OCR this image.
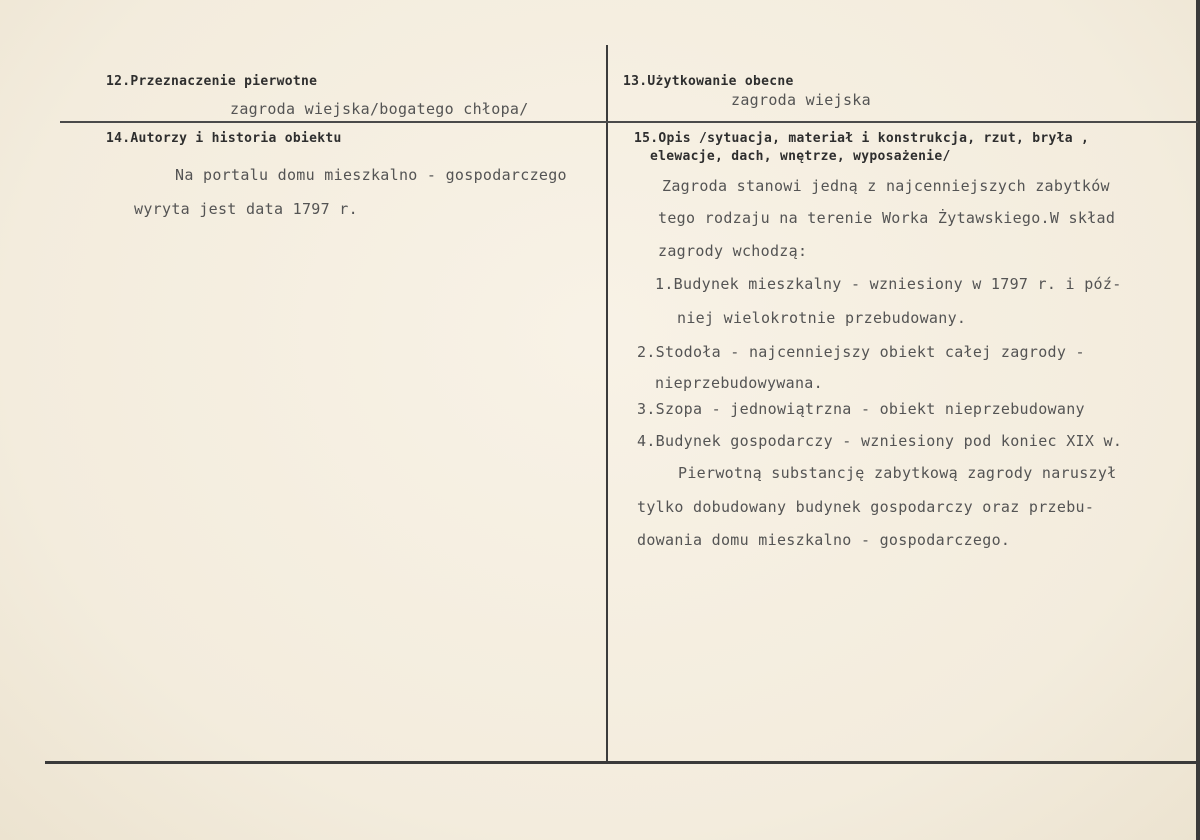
12.Przeznaczenie pierwotne
zagroda wiejska/bogatego chłopa/
13.Użytkowanie obecne
zagroda wiejska
14.Autorzy i historia obiektu
Na portalu domu mieszkalno - gospodarczego
wyryta jest data 1797 r.
15.Opis /sytuacja, materiał i konstrukcja, rzut, bryła ,
elewacje, dach, wnętrze, wyposażenie/
Zagroda stanowi jedną z najcenniejszych zabytków
tego rodzaju na terenie Worka Żytawskiego.W skład
zagrody wchodzą:
1.Budynek mieszkalny - wzniesiony w 1797 r. i póź-
niej wielokrotnie przebudowany.
2.Stodoła - najcenniejszy obiekt całej zagrody -
nieprzebudowywana.
3.Szopa - jednowiątrzna - obiekt nieprzebudowany
4.Budynek gospodarczy - wzniesiony pod koniec XIX w.
Pierwotną substancję zabytkową zagrody naruszył
tylko dobudowany budynek gospodarczy oraz przebu-
dowania domu mieszkalno - gospodarczego.
